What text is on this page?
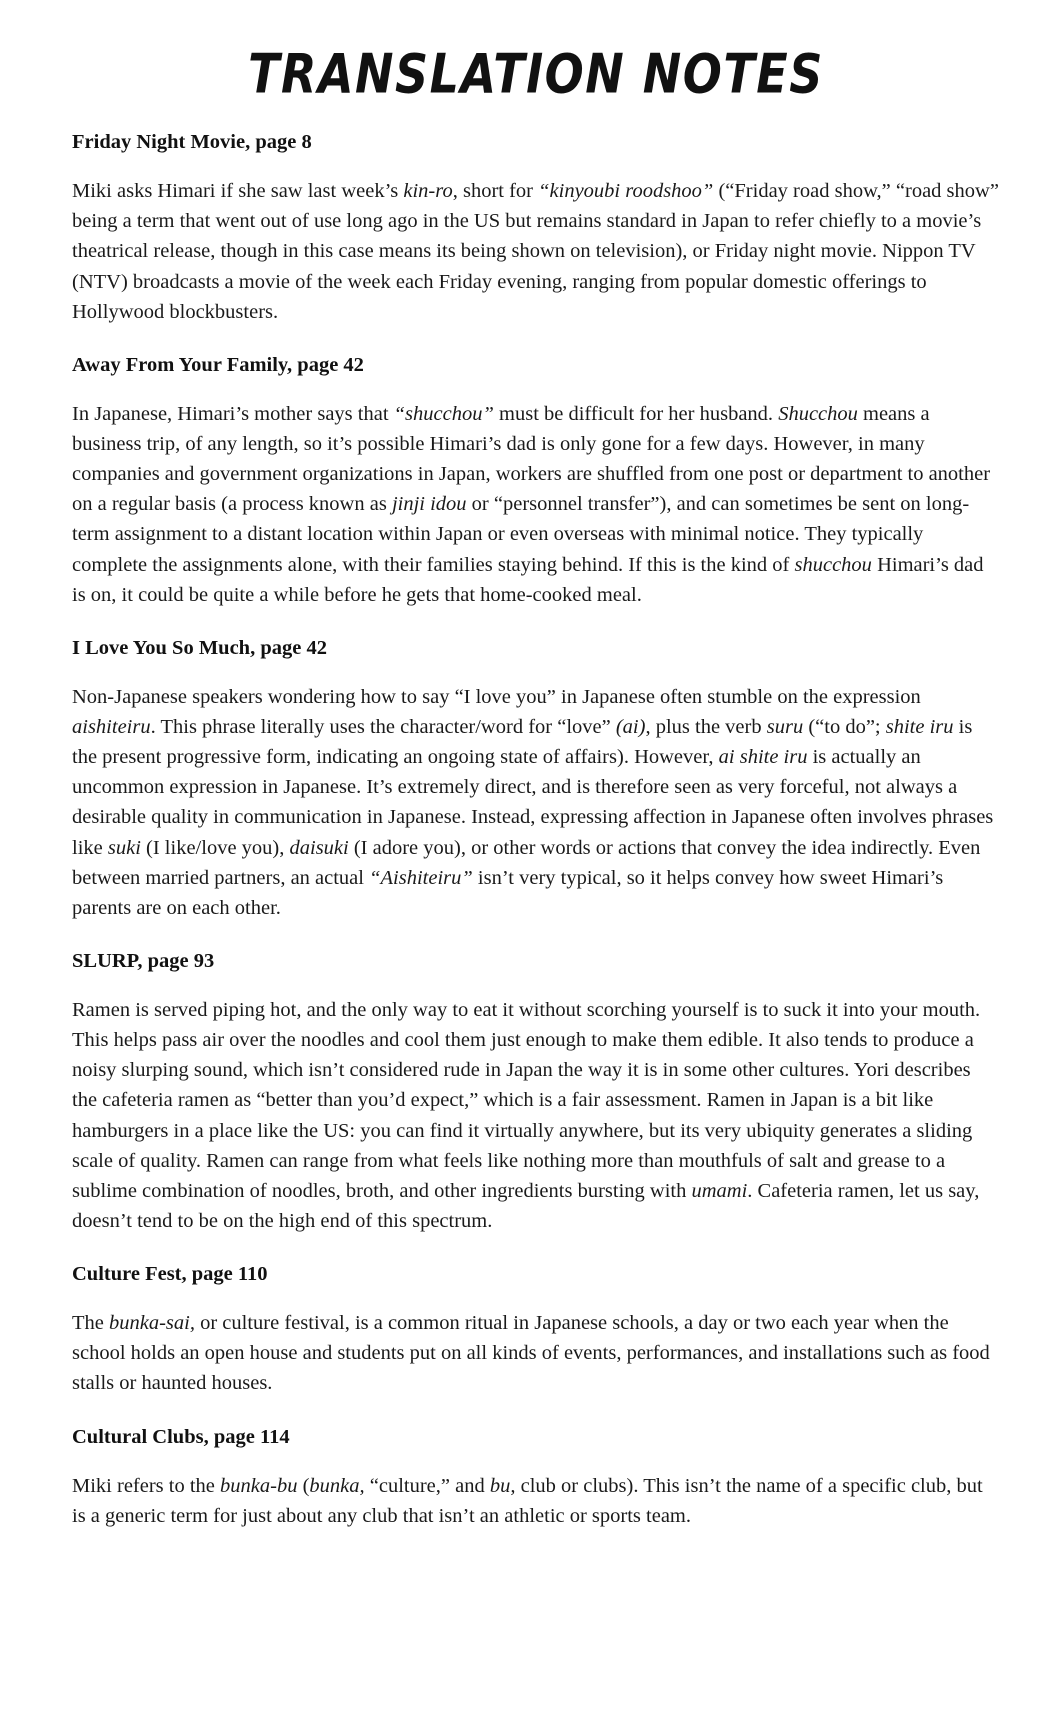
TRANSLATION NOTES
Friday Night Movie, page 8

Miki asks Himari if she saw last week’s kin-ro, short for “kinyoubi roodshoo” (“Friday road show,” “road show” being a term that went out of use long ago in the US but remains standard in Japan to refer chiefly to a movie’s theatrical release, though in this case means its being shown on television), or Friday night movie. Nippon TV (NTV) broadcasts a movie of the week each Friday evening, ranging from popular domestic offerings to Hollywood blockbusters.

Away From Your Family, page 42

In Japanese, Himari’s mother says that “shucchou” must be difficult for her husband. Shucchou means a business trip, of any length, so it’s possible Himari’s dad is only gone for a few days. However, in many companies and government organizations in Japan, workers are shuffled from one post or department to another on a regular basis (a process known as jinji idou or “personnel transfer”), and can sometimes be sent on long-term assignment to a distant location within Japan or even overseas with minimal notice. They typically complete the assignments alone, with their families staying behind. If this is the kind of shucchou Himari’s dad is on, it could be quite a while before he gets that home-cooked meal.

I Love You So Much, page 42

Non-Japanese speakers wondering how to say “I love you” in Japanese often stumble on the expression aishiteiru. This phrase literally uses the character/word for “love” (ai), plus the verb suru (“to do”; shite iru is the present progressive form, indicating an ongoing state of affairs). However, ai shite iru is actually an uncommon expression in Japanese. It’s extremely direct, and is therefore seen as very forceful, not always a desirable quality in communication in Japanese. Instead, expressing affection in Japanese often involves phrases like suki (I like/love you), daisuki (I adore you), or other words or actions that convey the idea indirectly. Even between married partners, an actual “Aishiteiru” isn’t very typical, so it helps convey how sweet Himari’s parents are on each other.

SLURP, page 93

Ramen is served piping hot, and the only way to eat it without scorching yourself is to suck it into your mouth. This helps pass air over the noodles and cool them just enough to make them edible. It also tends to produce a noisy slurping sound, which isn’t considered rude in Japan the way it is in some other cultures. Yori describes the cafeteria ramen as “better than you’d expect,” which is a fair assessment. Ramen in Japan is a bit like hamburgers in a place like the US: you can find it virtually anywhere, but its very ubiquity generates a sliding scale of quality. Ramen can range from what feels like nothing more than mouthfuls of salt and grease to a sublime combination of noodles, broth, and other ingredients bursting with umami. Cafeteria ramen, let us say, doesn’t tend to be on the high end of this spectrum.

Culture Fest, page 110

The bunka-sai, or culture festival, is a common ritual in Japanese schools, a day or two each year when the school holds an open house and students put on all kinds of events, performances, and installations such as food stalls or haunted houses.

Cultural Clubs, page 114

Miki refers to the bunka-bu (bunka, “culture,” and bu, club or clubs). This isn’t the name of a specific club, but is a generic term for just about any club that isn’t an athletic or sports team.
